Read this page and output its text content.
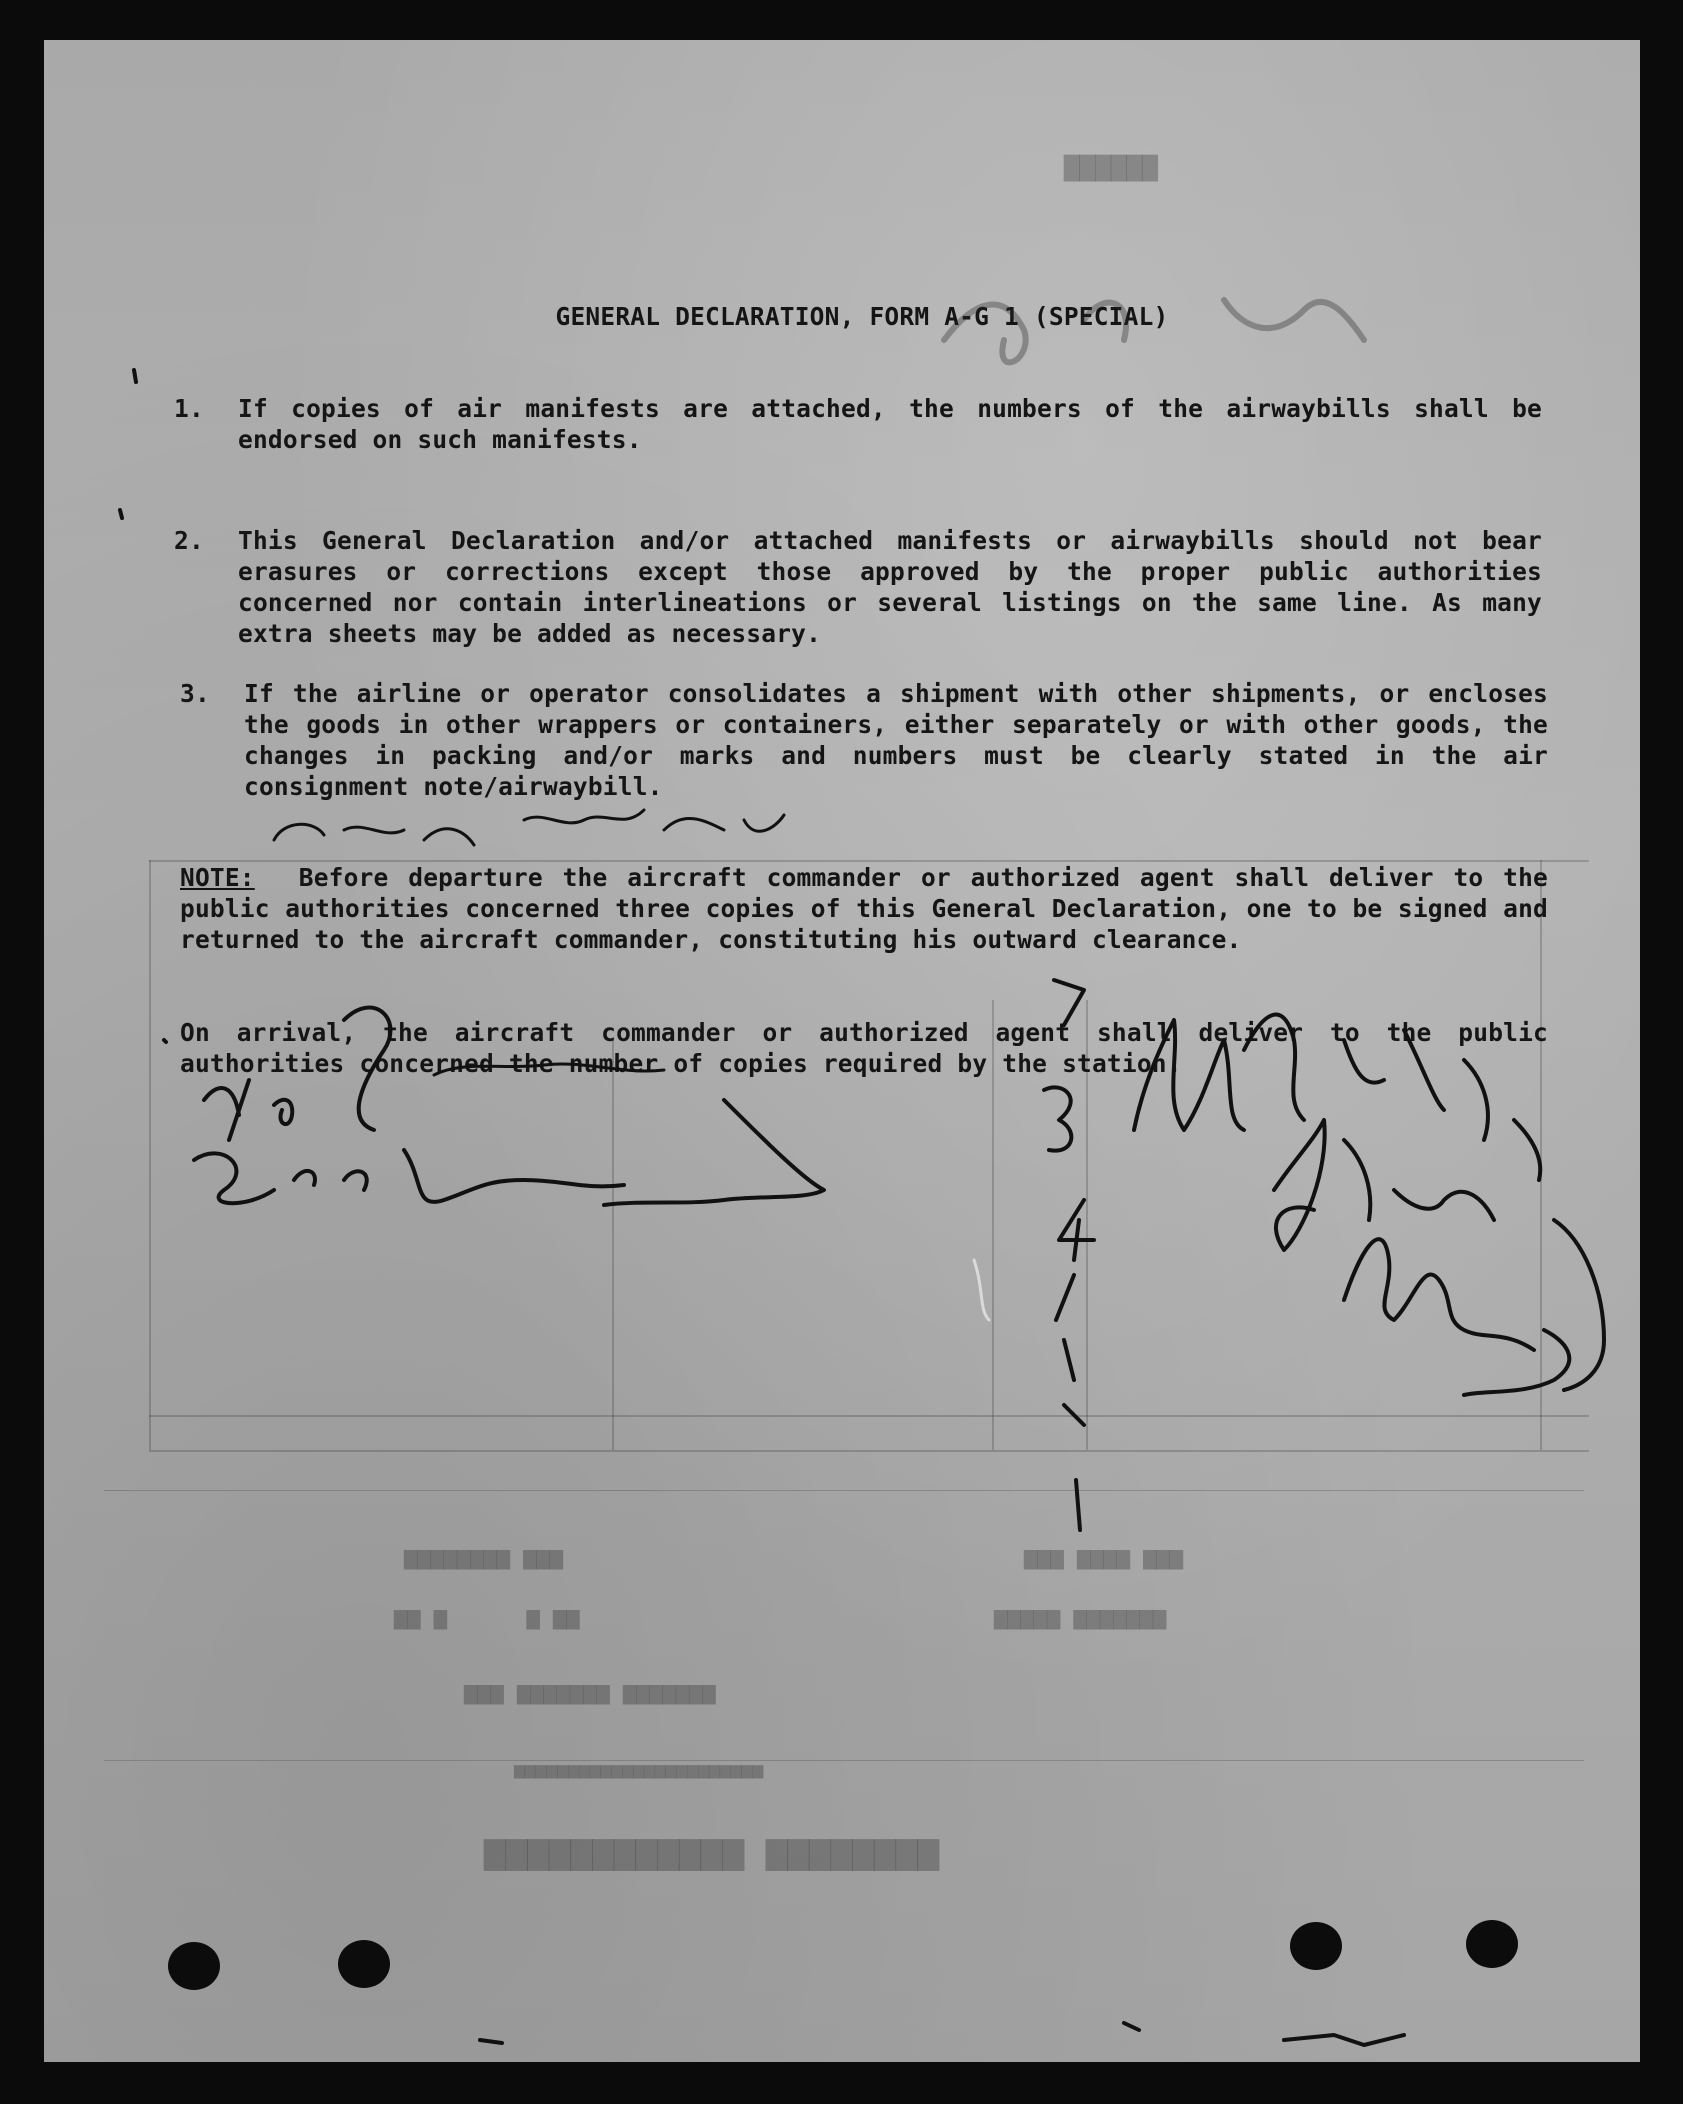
▇▇▇▇▇▇
▆▆▆ ▆▆▆▆▆▆▆▆	▆▆▆ ▆▆▆▆ ▆▆▆
▆▆ ▆      ▆ ▆▆	▆▆▆▆▆▆▆ ▆▆▆▆▆
▆▆▆▆▆▆▆ ▆▆▆▆▆▆▆ ▆▆▆
▅▅▅▅▅▅▅▅▅▅▅▅▅▅▅▅▅▅▅▅▅▅▅
▆▆▆▆▆▆▆▆ ▆▆▆▆▆▆▆▆▆▆▆▆
GENERAL DECLARATION, FORM A-G 1 (SPECIAL)
1. If copies of air manifests are attached, the numbers of the airwaybills shall be endorsed on such manifests.
2. This General Declaration and/or attached manifests or airwaybills should not bear erasures or corrections except those approved by the proper public authorities concerned nor contain interlineations or several listings on the same line. As many extra sheets may be added as necessary.
3. If the airline or operator consolidates a shipment with other shipments, or encloses the goods in other wrappers or containers, either separately or with other goods, the changes in packing and/or marks and numbers must be clearly stated in the air consignment note/airwaybill.
NOTE: Before departure the aircraft commander or authorized agent shall deliver to the public authorities concerned three copies of this General Declaration, one to be signed and returned to the aircraft commander, constituting his outward clearance.
On arrival, the aircraft commander or authorized agent shall deliver to the public authorities concerned the number of copies required by the station.
